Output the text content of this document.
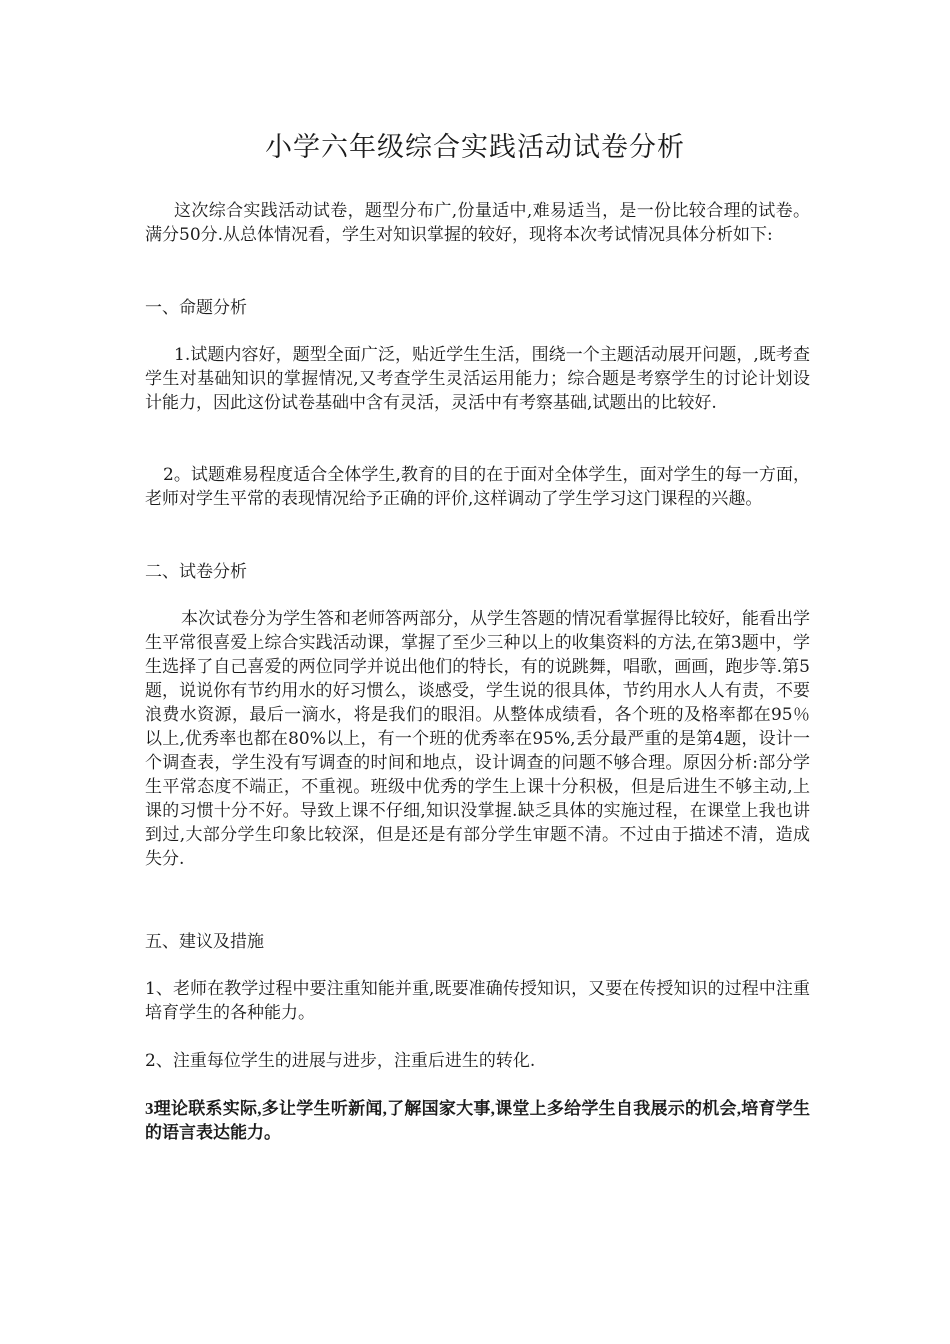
小学六年级综合实践活动试卷分析

这次综合实践活动试卷，题型分布广,份量适中,难易适当，是一份比较合理的试卷。满分50分.从总体情况看，学生对知识掌握的较好，现将本次考试情况具体分析如下:

一、命题分析

1.试题内容好，题型全面广泛，贴近学生生活，围绕一个主题活动展开问题，,既考查学生对基础知识的掌握情况,又考查学生灵活运用能力；综合题是考察学生的讨论计划设计能力，因此这份试卷基础中含有灵活，灵活中有考察基础,试题出的比较好.

2。试题难易程度适合全体学生,教育的目的在于面对全体学生，面对学生的每一方面，老师对学生平常的表现情况给予正确的评价,这样调动了学生学习这门课程的兴趣。

二、试卷分析

本次试卷分为学生答和老师答两部分，从学生答题的情况看掌握得比较好，能看出学生平常很喜爱上综合实践活动课，掌握了至少三种以上的收集资料的方法,在第3题中，学生选择了自己喜爱的两位同学并说出他们的特长，有的说跳舞，唱歌，画画，跑步等.第5题，说说你有节约用水的好习惯么，谈感受，学生说的很具体，节约用水人人有责，不要浪费水资源，最后一滴水，将是我们的眼泪。从整体成绩看，各个班的及格率都在95％以上,优秀率也都在80%以上，有一个班的优秀率在95%,丢分最严重的是第4题，设计一个调查表，学生没有写调查的时间和地点，设计调查的问题不够合理。原因分析:部分学生平常态度不端正，不重视。班级中优秀的学生上课十分积极，但是后进生不够主动,上课的习惯十分不好。导致上课不仔细,知识没掌握.缺乏具体的实施过程，在课堂上我也讲到过,大部分学生印象比较深，但是还是有部分学生审题不清。不过由于描述不清，造成失分.

五、建议及措施

1、老师在教学过程中要注重知能并重,既要准确传授知识，又要在传授知识的过程中注重培育学生的各种能力。

2、注重每位学生的进展与进步，注重后进生的转化.

3理论联系实际,多让学生听新闻,了解国家大事,课堂上多给学生自我展示的机会,培育学生的语言表达能力。
